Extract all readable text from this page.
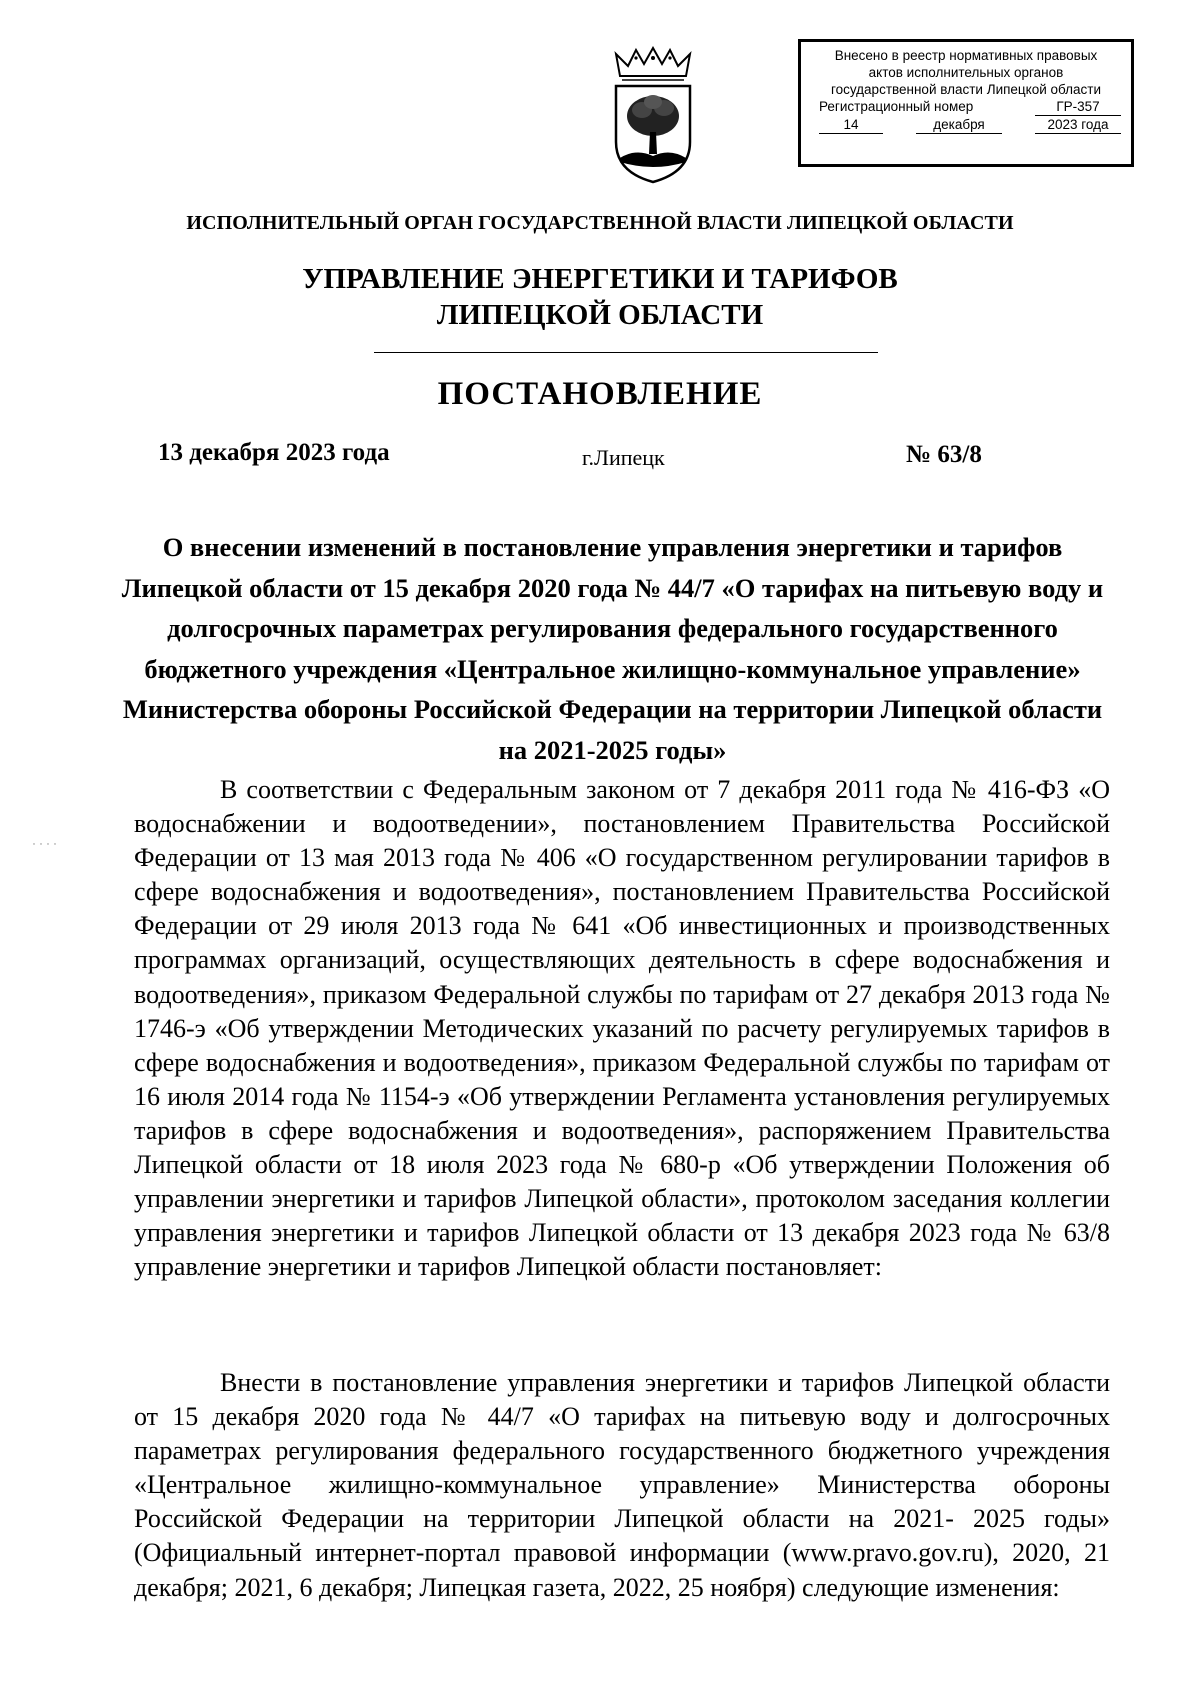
Внесено в реестр нормативных правовых
актов исполнительных органов
государственной власти Липецкой области
Регистрационный номер	ГР-357
14	декабря	2023 года
ИСПОЛНИТЕЛЬНЫЙ ОРГАН ГОСУДАРСТВЕННОЙ ВЛАСТИ ЛИПЕЦКОЙ ОБЛАСТИ
УПРАВЛЕНИЕ ЭНЕРГЕТИКИ И ТАРИФОВ
ЛИПЕЦКОЙ ОБЛАСТИ
ПОСТАНОВЛЕНИЕ
13 декабря 2023 года	г.Липецк	№ 63/8
О внесении изменений в постановление управления энергетики и тарифов Липецкой области от 15 декабря 2020 года № 44/7 «О тарифах на питьевую воду и долгосрочных параметрах регулирования федерального государственного бюджетного учреждения «Центральное жилищно-коммунальное управление» Министерства обороны Российской Федерации на территории Липецкой области на 2021-2025 годы»
В соответствии с Федеральным законом от 7 декабря 2011 года № 416-ФЗ «О водоснабжении и водоотведении», постановлением Правительства Российской Федерации от 13 мая 2013 года № 406 «О государственном регулировании тарифов в сфере водоснабжения и водоотведения», постановлением Правительства Российской Федерации от 29 июля 2013 года № 641 «Об инвестиционных и производственных программах организаций, осуществляющих деятельность в сфере водоснабжения и водоотведения», приказом Федеральной службы по тарифам от 27 декабря 2013 года № 1746-э «Об утверждении Методических указаний по расчету регулируемых тарифов в сфере водоснабжения и водоотведения», приказом Федеральной службы по тарифам от 16 июля 2014 года № 1154-э «Об утверждении Регламента установления регулируемых тарифов в сфере водоснабжения и водоотведения», распоряжением Правительства Липецкой области от 18 июля 2023 года № 680-р «Об утверждении Положения об управлении энергетики и тарифов Липецкой области», протоколом заседания коллегии управления энергетики и тарифов Липецкой области от 13 декабря 2023 года № 63/8 управление энергетики и тарифов Липецкой области постановляет:
Внести в постановление управления энергетики и тарифов Липецкой области от 15 декабря 2020 года № 44/7 «О тарифах на питьевую воду и долгосрочных параметрах регулирования федерального государственного бюджетного учреждения «Центральное жилищно-коммунальное управление» Министерства обороны Российской Федерации на территории Липецкой области на 2021- 2025 годы» (Официальный интернет-портал правовой информации (www.pravo.gov.ru), 2020, 21 декабря; 2021, 6 декабря; Липецкая газета, 2022, 25 ноября) следующие изменения:
